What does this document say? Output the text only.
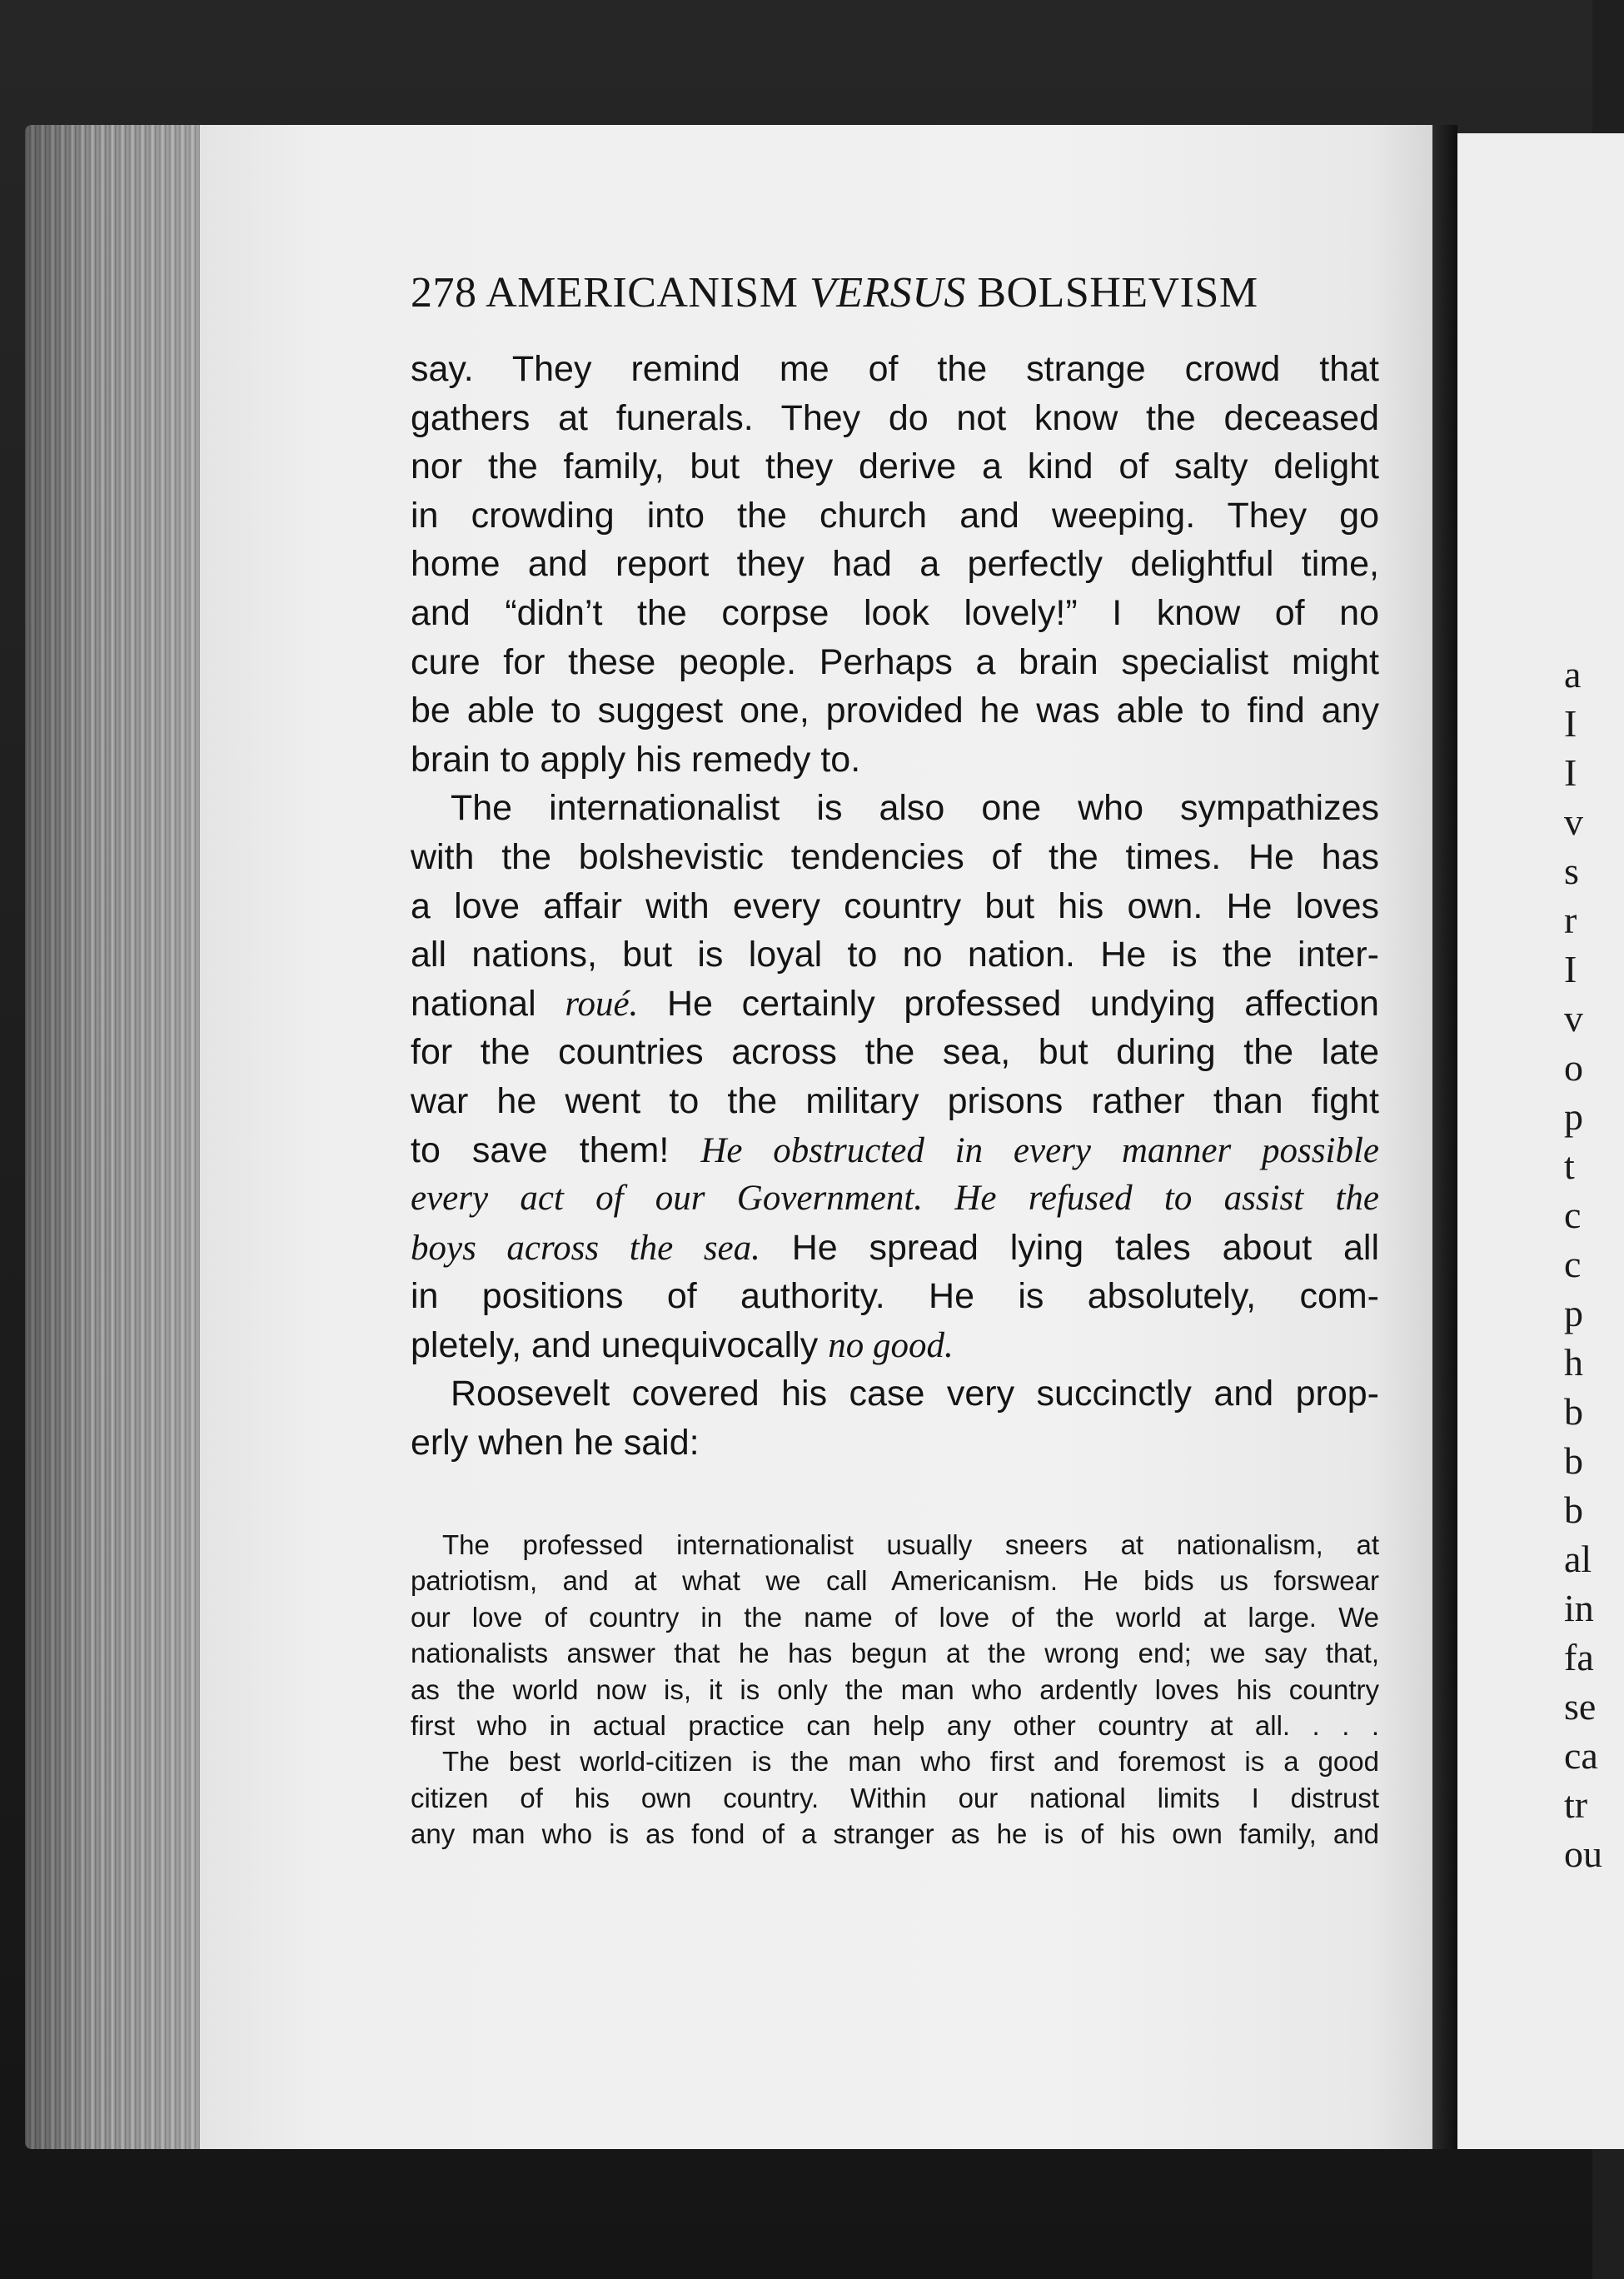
a
I
I
v
s
r
I
v
o
p
t
c
c
p
h
b
b
b
al
in
fa
se
ca
tr
ou
278 AMERICANISM VERSUS BOLSHEVISM
say. They remind me of the strange crowd that
gathers at funerals. They do not know the deceased
nor the family, but they derive a kind of salty delight
in crowding into the church and weeping. They go
home and report they had a perfectly delightful time,
and “didn’t the corpse look lovely!” I know of no
cure for these people. Perhaps a brain specialist might
be able to suggest one, provided he was able to find any
brain to apply his remedy to.
The internationalist is also one who sympathizes
with the bolshevistic tendencies of the times. He has
a love affair with every country but his own. He loves
all nations, but is loyal to no nation. He is the inter-
national roué. He certainly professed undying affection
for the countries across the sea, but during the late
war he went to the military prisons rather than fight
to save them! He obstructed in every manner possible
every act of our Government. He refused to assist the
boys across the sea. He spread lying tales about all
in positions of authority. He is absolutely, com-
pletely, and unequivocally no good.
Roosevelt covered his case very succinctly and prop-
erly when he said:
The professed internationalist usually sneers at nationalism, at
patriotism, and at what we call Americanism. He bids us forswear
our love of country in the name of love of the world at large. We
nationalists answer that he has begun at the wrong end; we say that,
as the world now is, it is only the man who ardently loves his country
first who in actual practice can help any other country at all. . . .
The best world-citizen is the man who first and foremost is a good
citizen of his own country. Within our national limits I distrust
any man who is as fond of a stranger as he is of his own family, and
